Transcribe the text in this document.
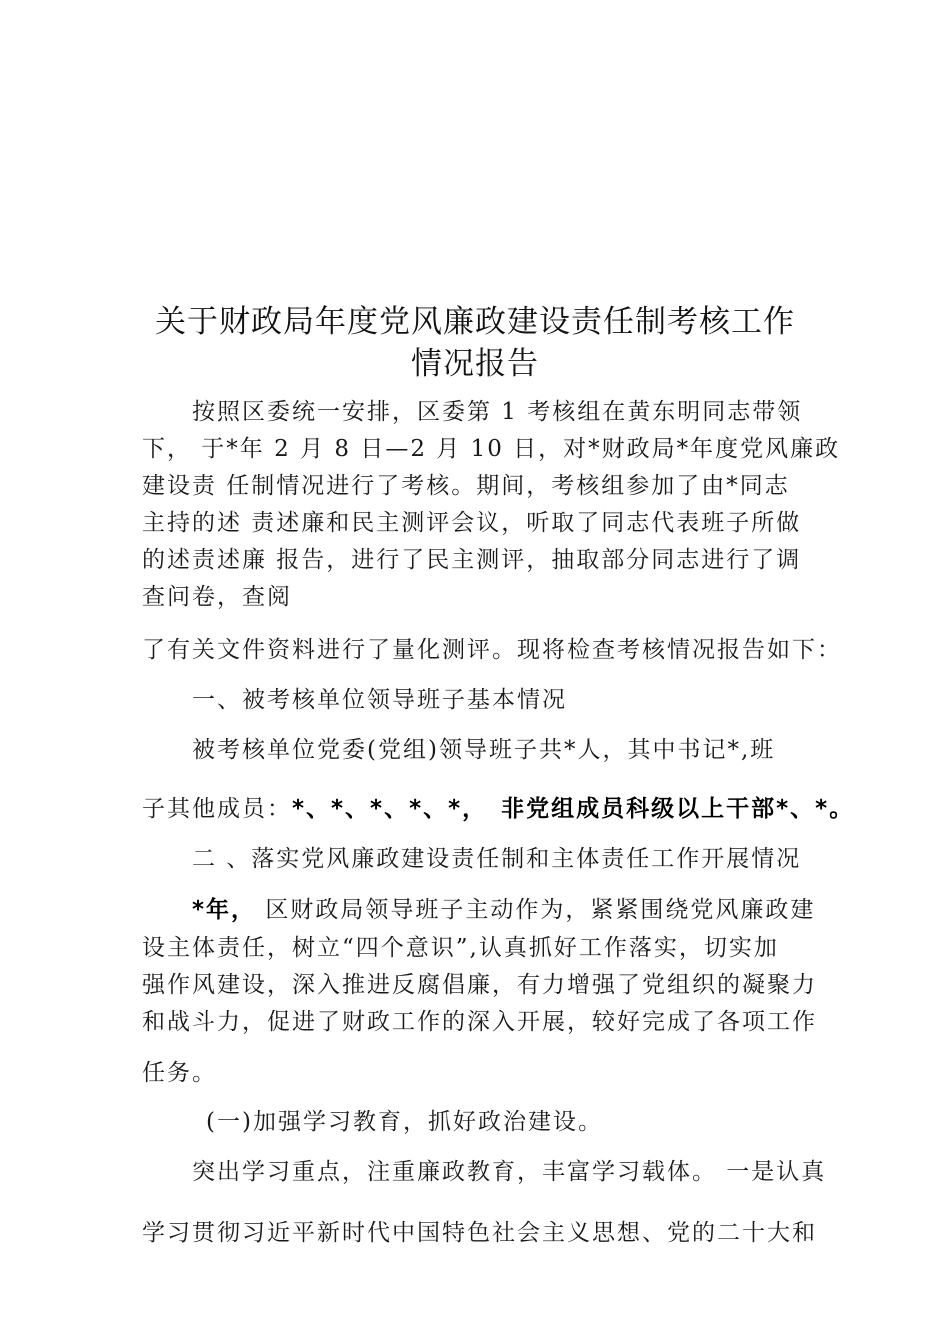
关于财政局年度党风廉政建设责任制考核工作
情况报告
按照区委统一安排，区委第 1 考核组在黄东明同志带领
下， 于*年 2 月 8 日—2 月 10 日，对*财政局*年度党风廉政
建设责 任制情况进行了考核。期间，考核组参加了由*同志
主持的述 责述廉和民主测评会议，听取了同志代表班子所做
的述责述廉 报告，进行了民主测评，抽取部分同志进行了调
查问卷，查阅
了有关文件资料进行了量化测评。现将检查考核情况报告如下：
一、被考核单位领导班子基本情况
被考核单位党委(党组)领导班子共*人，其中书记*,班
子其他成员：*、*、*、*、*， 非党组成员科级以上干部*、*。
二 、落实党风廉政建设责任制和主体责任工作开展情况
*年， 区财政局领导班子主动作为，紧紧围绕党风廉政建
设主体责任，树立“四个意识”,认真抓好工作落实，切实加
强作风建设，深入推进反腐倡廉，有力增强了党组织的凝聚力
和战斗力，促进了财政工作的深入开展，较好完成了各项工作
任务。
(一)加强学习教育，抓好政治建设。
突出学习重点，注重廉政教育，丰富学习载体。 一是认真
学习贯彻习近平新时代中国特色社会主义思想、党的二十大和
